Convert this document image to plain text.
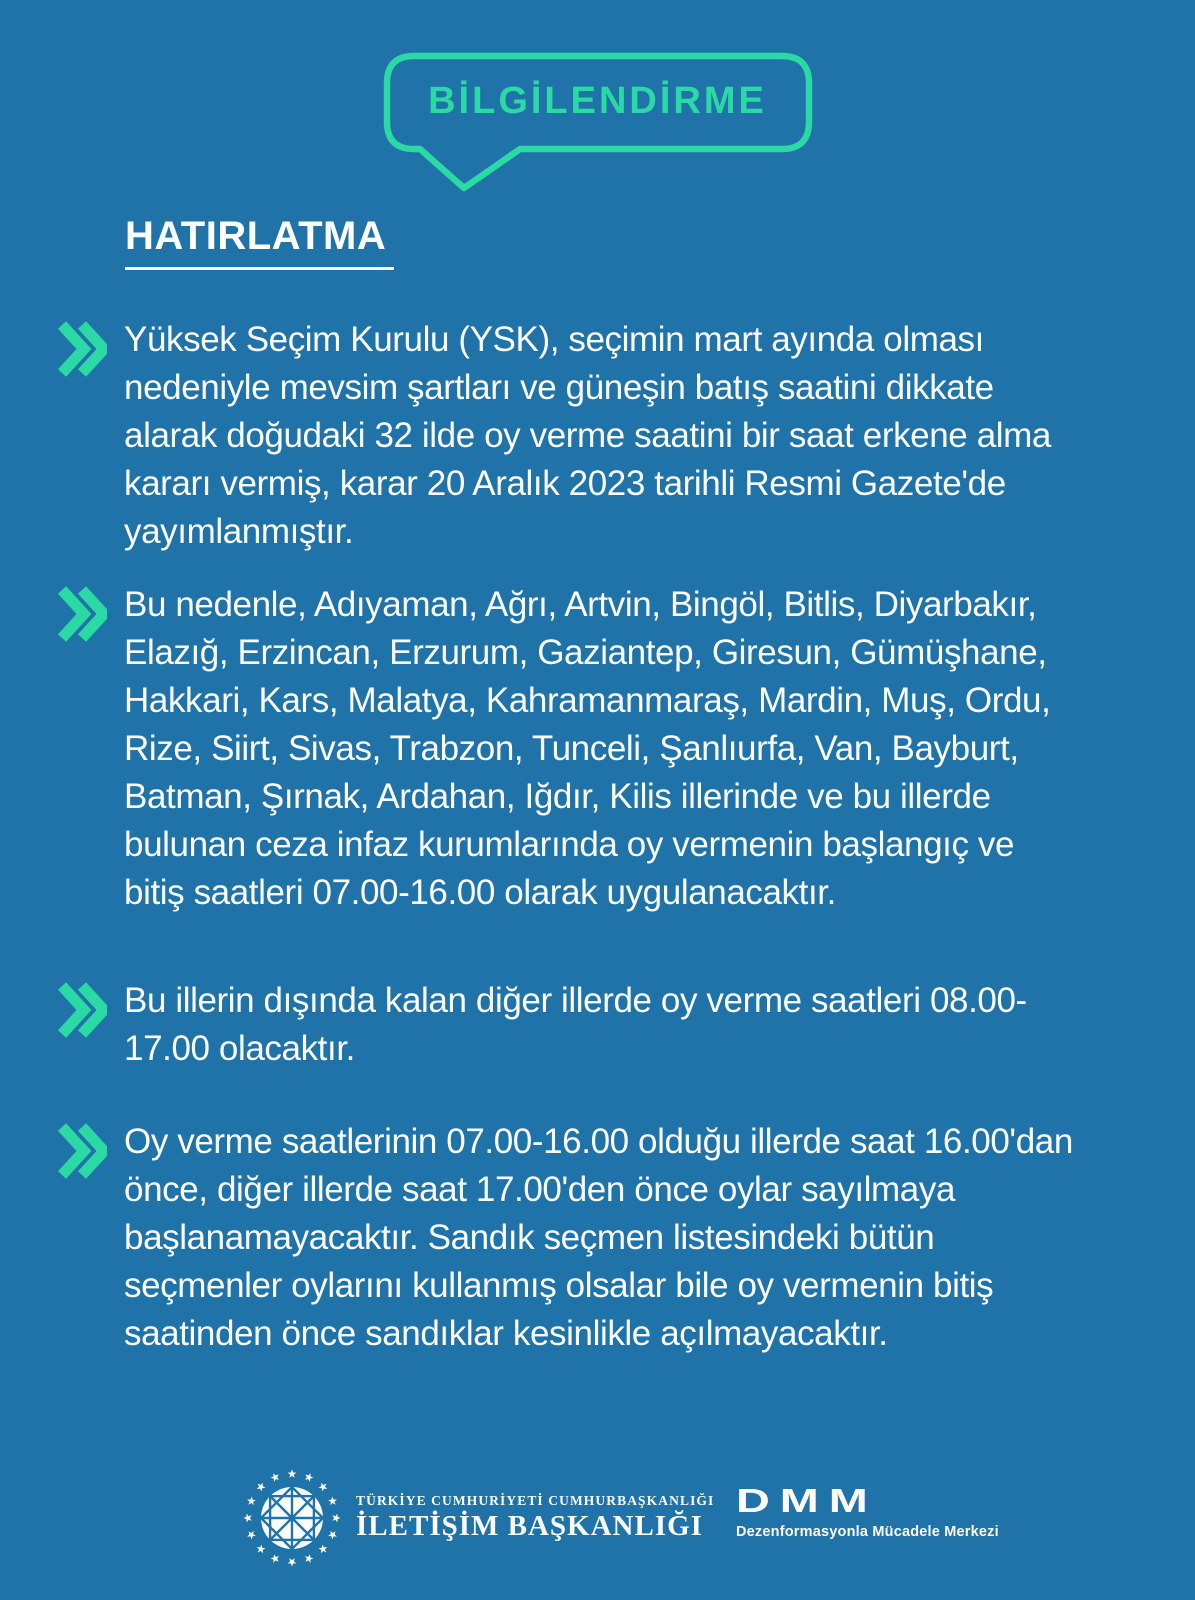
BİLGİLENDİRME
HATIRLATMA

Yüksek Seçim Kurulu (YSK), seçimin mart ayında olması nedeniyle mevsim şartları ve güneşin batış saatini dikkate alarak doğudaki 32 ilde oy verme saatini bir saat erkene alma kararı vermiş, karar 20 Aralık 2023 tarihli Resmi Gazete'de yayımlanmıştır.

Bu nedenle, Adıyaman, Ağrı, Artvin, Bingöl, Bitlis, Diyarbakır, Elazığ, Erzincan, Erzurum, Gaziantep, Giresun, Gümüşhane, Hakkari, Kars, Malatya, Kahramanmaraş, Mardin, Muş, Ordu, Rize, Siirt, Sivas, Trabzon, Tunceli, Şanlıurfa, Van, Bayburt, Batman, Şırnak, Ardahan, Iğdır, Kilis illerinde ve bu illerde bulunan ceza infaz kurumlarında oy vermenin başlangıç ve bitiş saatleri 07.00-16.00 olarak uygulanacaktır.

Bu illerin dışında kalan diğer illerde oy verme saatleri 08.00-17.00 olacaktır.

Oy verme saatlerinin 07.00-16.00 olduğu illerde saat 16.00'dan önce, diğer illerde saat 17.00'den önce oylar sayılmaya başlanamayacaktır. Sandık seçmen listesindeki bütün seçmenler oylarını kullanmış olsalar bile oy vermenin bitiş saatinden önce sandıklar kesinlikle açılmayacaktır.

TÜRKİYE CUMHURİYETİ CUMHURBAŞKANLIĞI
İLETİŞİM BAŞKANLIĞI
DMM
Dezenformasyonla Mücadele Merkezi
